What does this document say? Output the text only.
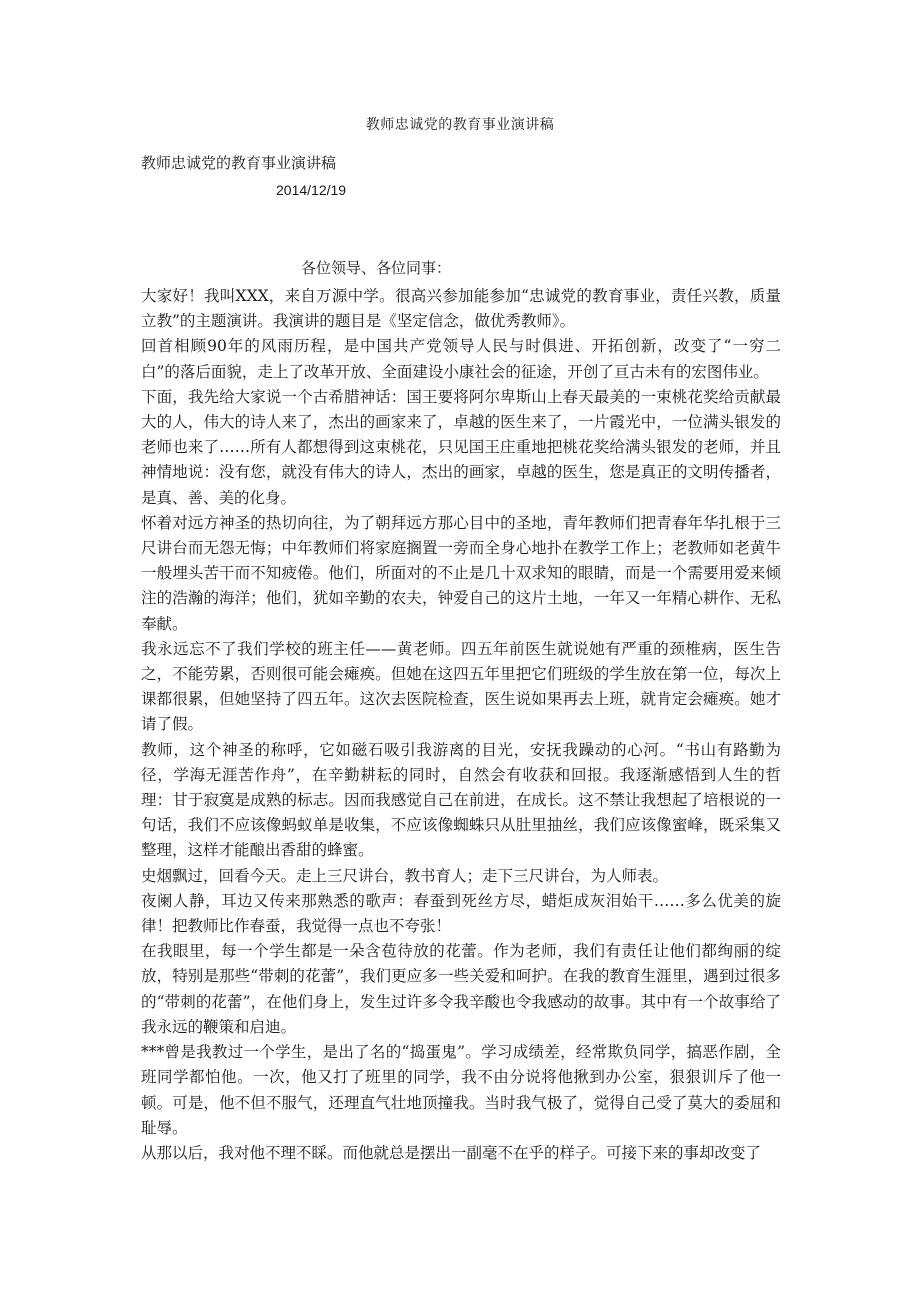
教师忠诚党的教育事业演讲稿
教师忠诚党的教育事业演讲稿
2014/12/19
各位领导、各位同事：

大家好！我叫XXX，来自万源中学。很高兴参加能参加“忠诚党的教育事业，责任兴教，质量立教”的主题演讲。我演讲的题目是《坚定信念，做优秀教师》。

回首相顾90年的风雨历程，是中国共产党领导人民与时俱进、开拓创新，改变了“一穷二白”的落后面貌，走上了改革开放、全面建设小康社会的征途，开创了亘古未有的宏图伟业。

下面，我先给大家说一个古希腊神话：国王要将阿尔卑斯山上春天最美的一束桃花奖给贡献最大的人，伟大的诗人来了，杰出的画家来了，卓越的医生来了，一片霞光中，一位满头银发的老师也来了……所有人都想得到这束桃花，只见国王庄重地把桃花奖给满头银发的老师，并且神情地说：没有您，就没有伟大的诗人，杰出的画家，卓越的医生，您是真正的文明传播者，是真、善、美的化身。

怀着对远方神圣的热切向往，为了朝拜远方那心目中的圣地，青年教师们把青春年华扎根于三尺讲台而无怨无悔；中年教师们将家庭搁置一旁而全身心地扑在教学工作上；老教师如老黄牛一般埋头苦干而不知疲倦。他们，所面对的不止是几十双求知的眼睛，而是一个需要用爱来倾注的浩瀚的海洋；他们，犹如辛勤的农夫，钟爱自己的这片土地，一年又一年精心耕作、无私奉献。

我永远忘不了我们学校的班主任——黄老师。四五年前医生就说她有严重的颈椎病，医生告之，不能劳累，否则很可能会瘫痪。但她在这四五年里把它们班级的学生放在第一位，每次上课都很累，但她坚持了四五年。这次去医院检查，医生说如果再去上班，就肯定会瘫痪。她才请了假。

教师，这个神圣的称呼，它如磁石吸引我游离的目光，安抚我躁动的心河。“书山有路勤为径，学海无涯苦作舟”，在辛勤耕耘的同时，自然会有收获和回报。我逐渐感悟到人生的哲理：甘于寂寞是成熟的标志。因而我感觉自己在前进，在成长。这不禁让我想起了培根说的一句话，我们不应该像蚂蚁单是收集，不应该像蜘蛛只从肚里抽丝，我们应该像蜜峰，既采集又整理，这样才能酿出香甜的蜂蜜。

史烟飘过，回看今天。走上三尺讲台，教书育人；走下三尺讲台，为人师表。

夜阑人静，耳边又传来那熟悉的歌声：春蚕到死丝方尽，蜡炬成灰泪始干……多么优美的旋律！把教师比作春蚕，我觉得一点也不夸张！

在我眼里，每一个学生都是一朵含苞待放的花蕾。作为老师，我们有责任让他们都绚丽的绽放，特别是那些“带刺的花蕾”，我们更应多一些关爱和呵护。在我的教育生涯里，遇到过很多的“带刺的花蕾”，在他们身上，发生过许多令我辛酸也令我感动的故事。其中有一个故事给了我永远的鞭策和启迪。

***曾是我教过一个学生，是出了名的“捣蛋鬼”。学习成绩差，经常欺负同学，搞恶作剧，全班同学都怕他。一次，他又打了班里的同学，我不由分说将他揪到办公室，狠狠训斥了他一顿。可是，他不但不服气，还理直气壮地顶撞我。当时我气极了，觉得自己受了莫大的委屈和耻辱。

从那以后，我对他不理不睬。而他就总是摆出一副毫不在乎的样子。可接下来的事却改变了
